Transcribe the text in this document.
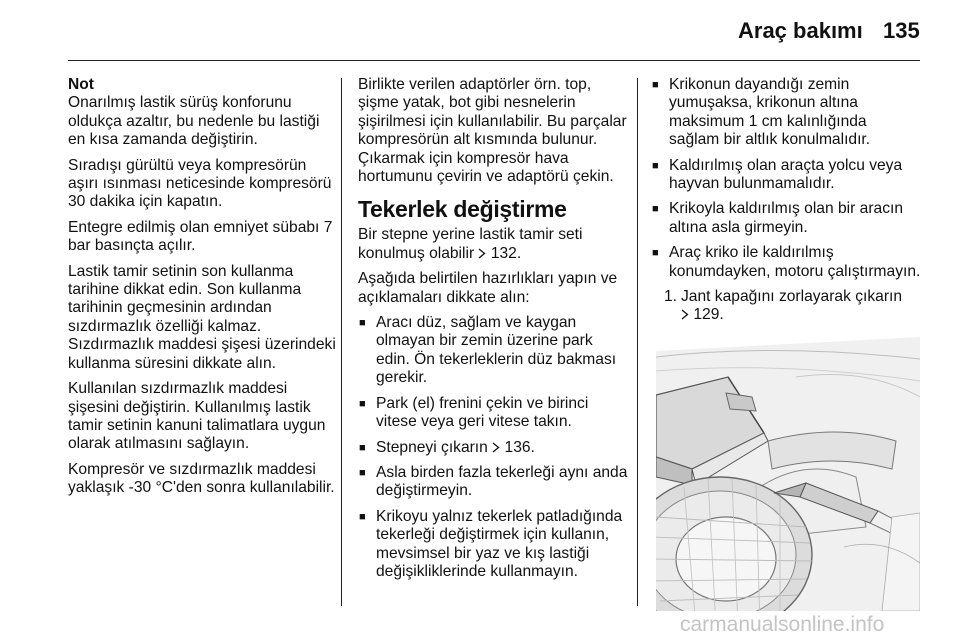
Araç bakımı 135

Not
Onarılmış lastik sürüş konforunu oldukça azaltır, bu nedenle bu lastiği en kısa zamanda değiştirin.

Sıradışı gürültü veya kompresörün aşırı ısınması neticesinde kompresörü 30 dakika için kapatın.

Entegre edilmiş olan emniyet sübabı 7 bar basınçta açılır.

Lastik tamir setinin son kullanma tarihine dikkat edin. Son kullanma tarihinin geçmesinin ardından sızdırmazlık özelliği kalmaz.
Sızdırmazlık maddesi şişesi üzerindeki kullanma süresini dikkate alın.

Kullanılan sızdırmazlık maddesi şişesini değiştirin. Kullanılmış lastik tamir setinin kanuni talimatlara uygun olarak atılmasını sağlayın.

Kompresör ve sızdırmazlık maddesi yaklaşık -30 °C'den sonra kullanılabilir.

Birlikte verilen adaptörler örn. top, şişme yatak, bot gibi nesnelerin şişirilmesi için kullanılabilir. Bu parçalar kompresörün alt kısmında bulunur. Çıkarmak için kompresör hava hortumunu çevirin ve adaptörü çekin.

Tekerlek değiştirme

Bir stepne yerine lastik tamir seti konulmuş olabilir 132.

Aşağıda belirtilen hazırlıkları yapın ve açıklamaları dikkate alın:

■ Aracı düz, sağlam ve kaygan olmayan bir zemin üzerine park edin. Ön tekerleklerin düz bakması gerekir.
■ Park (el) frenini çekin ve birinci vitese veya geri vitese takın.
■ Stepneyi çıkarın 136.
■ Asla birden fazla tekerleği aynı anda değiştirmeyin.
■ Krikoyu yalnız tekerlek patladığında tekerleği değiştirmek için kullanın, mevsimsel bir yaz ve kış lastiği değişikliklerinde kullanmayın.
■ Krikonun dayandığı zemin yumuşaksa, krikonun altına maksimum 1 cm kalınlığında sağlam bir altlık konulmalıdır.
■ Kaldırılmış olan araçta yolcu veya hayvan bulunmamalıdır.
■ Krikoyla kaldırılmış olan bir aracın altına asla girmeyin.
■ Araç kriko ile kaldırılmış konumdayken, motoru çalıştırmayın.
1. Jant kapağını zorlayarak çıkarın
129.
carmanualsonline.info
